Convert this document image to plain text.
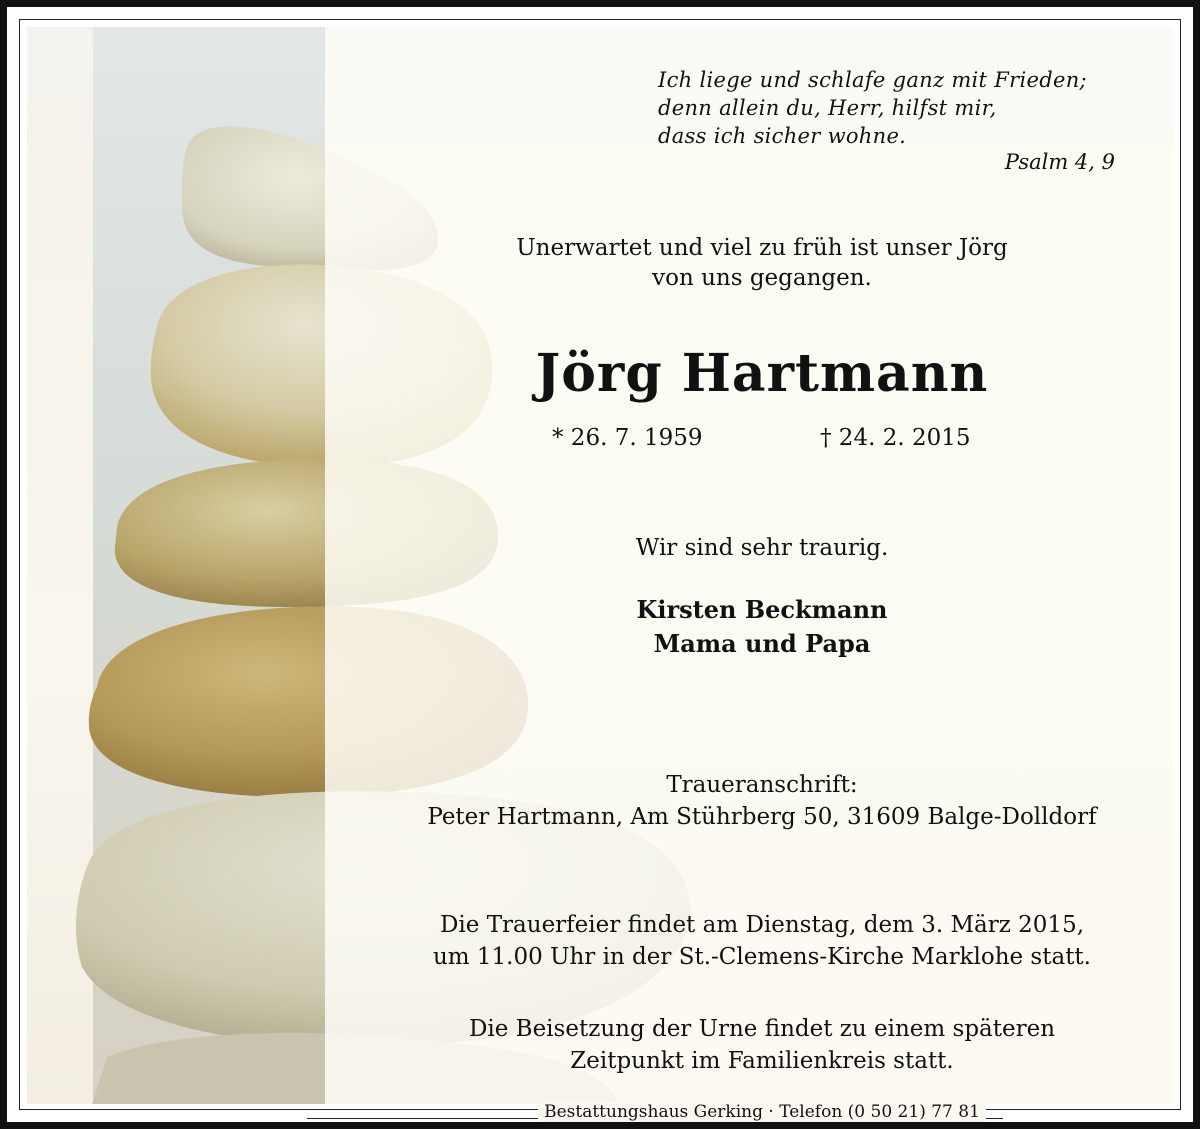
Ich liege und schlafe ganz mit Frieden;
denn allein du, Herr, hilfst mir,
dass ich sicher wohne.
Psalm 4, 9
Unerwartet und viel zu früh ist unser Jörg
von uns gegangen.
Jörg Hartmann
* 26. 7. 1959	† 24. 2. 2015
Wir sind sehr traurig.
Kirsten Beckmann
Mama und Papa
Traueranschrift:
Peter Hartmann, Am Stührberg 50, 31609 Balge-Dolldorf
Die Trauerfeier findet am Dienstag, dem 3. März 2015,
um 11.00 Uhr in der St.-Clemens-Kirche Marklohe statt.
Die Beisetzung der Urne findet zu einem späteren
Zeitpunkt im Familienkreis statt.
Bestattungshaus Gerking · Telefon (0 50 21) 77 81
